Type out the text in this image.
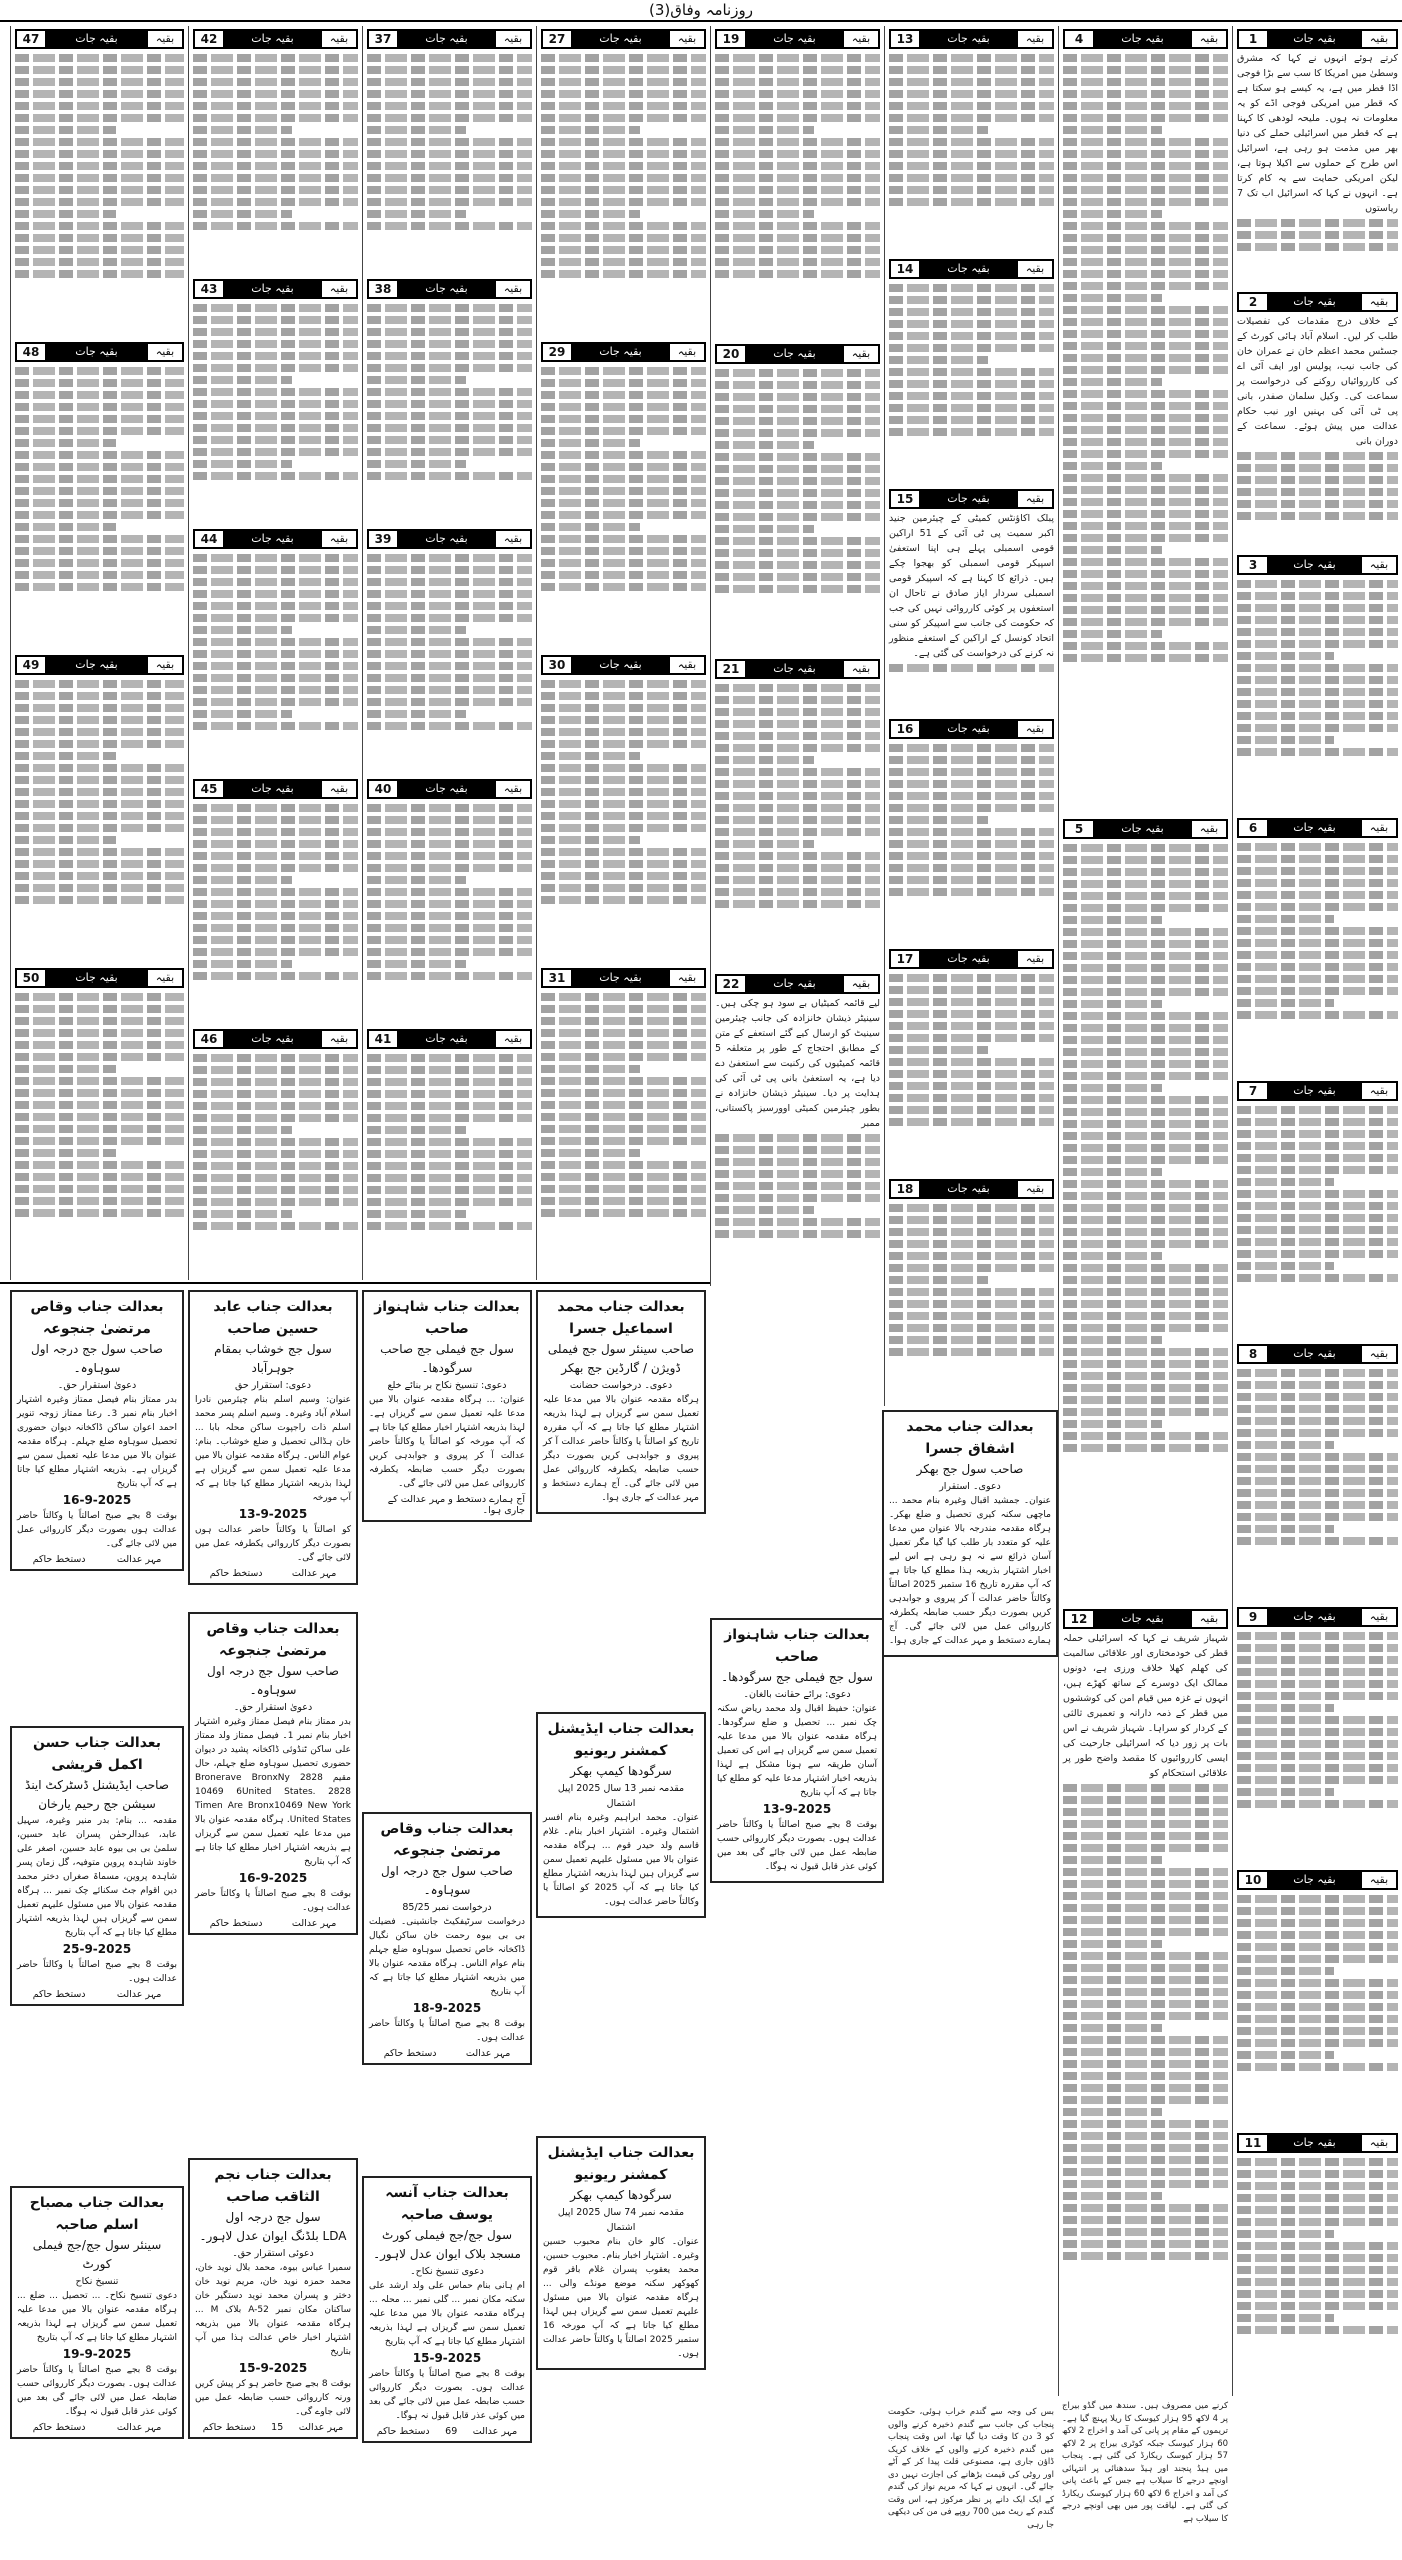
روزنامہ وفاق(3)
1	بقیہ جات	بقیہ
کرتے ہوئے انہوں نے کہا کہ مشرق وسطیٰ میں امریکا کا سب سے بڑا فوجی اڈا قطر میں ہے، یہ کیسے ہو سکتا ہے کہ قطر میں امریکی فوجی اڈے کو یہ معلومات نہ ہوں۔ ملیحہ لودھی کا کہنا ہے کہ قطر میں اسرائیلی حملے کی دنیا بھر میں مذمت ہو رہی ہے، اسرائیل اس طرح کے حملوں سے اکیلا ہوتا ہے، لیکن امریکی حمایت سے یہ کام کرتا ہے۔ انہوں نے کہا کہ اسرائیل اب تک 7 ریاستوں
2	بقیہ جات	بقیہ
کے خلاف درج مقدمات کی تفصیلات طلب کر لیں۔ اسلام آباد ہائی کورٹ کے جسٹس محمد اعظم خان نے عمران خان کی جانب نیب، پولیس اور ایف آئی اے کی کارروائیاں روکنے کی درخواست پر سماعت کی۔ وکیل سلمان صفدر، بانی پی ٹی آئی کی بہنیں اور نیب حکام عدالت میں پیش ہوئے۔ سماعت کے دوران بانی
3	بقیہ جات	بقیہ
6	بقیہ جات	بقیہ
7	بقیہ جات	بقیہ
8	بقیہ جات	بقیہ
9	بقیہ جات	بقیہ
10	بقیہ جات	بقیہ
11	بقیہ جات	بقیہ
4	بقیہ جات	بقیہ
5	بقیہ جات	بقیہ
12	بقیہ جات	بقیہ
شہباز شریف نے کہا کہ اسرائیلی حملہ قطر کی خودمختاری اور علاقائی سالمیت کی کھلم کھلا خلاف ورزی ہے، دونوں ممالک ایک دوسرے کے ساتھ کھڑے ہیں، انہوں نے غزہ میں قیام امن کی کوششوں میں قطر کے ذمہ دارانہ و تعمیری ثالثی کے کردار کو سراہا۔ شہباز شریف نے اس بات پر زور دیا کہ اسرائیلی جارحیت کی ایسی کارروائیوں کا مقصد واضح طور پر علاقائی استحکام کو
13	بقیہ جات	بقیہ
14	بقیہ جات	بقیہ
15	بقیہ جات	بقیہ
پبلک اکاؤنٹس کمیٹی کے چیئرمین جنید اکبر سمیت پی ٹی آئی کے 51 اراکین قومی اسمبلی پہلے ہی اپنا استعفیٰ اسپیکر قومی اسمبلی کو بھجوا چکے ہیں۔ ذرائع کا کہنا ہے کہ اسپیکر قومی اسمبلی سردار ایاز صادق نے تاحال ان استعفوں پر کوئی کارروائی نہیں کی جب کہ حکومت کی جانب سے اسپیکر کو سنی اتحاد کونسل کے اراکین کے استعفے منظور نہ کرنے کی درخواست کی گئی ہے۔
16	بقیہ جات	بقیہ
17	بقیہ جات	بقیہ
18	بقیہ جات	بقیہ
19	بقیہ جات	بقیہ
20	بقیہ جات	بقیہ
21	بقیہ جات	بقیہ
22	بقیہ جات	بقیہ
لیے قائمہ کمیٹیاں بے سود ہو چکی ہیں۔ سینیٹر ذیشان خانزادہ کی جانب چیئرمین سینیٹ کو ارسال کیے گئے استعفے کے متن کے مطابق احتجاج کے طور پر متعلقہ 5 قائمہ کمیٹیوں کی رکنیت سے استعفیٰ دے دیا ہے، یہ استعفیٰ بانی پی ٹی آئی کی ہدایت پر دیا۔ سینیٹر ذیشان خانزادہ نے بطور چیئرمین کمیٹی اوورسیز پاکستانی، ممبر
27	بقیہ جات	بقیہ
29	بقیہ جات	بقیہ
30	بقیہ جات	بقیہ
31	بقیہ جات	بقیہ
37	بقیہ جات	بقیہ
38	بقیہ جات	بقیہ
39	بقیہ جات	بقیہ
40	بقیہ جات	بقیہ
41	بقیہ جات	بقیہ
42	بقیہ جات	بقیہ
43	بقیہ جات	بقیہ
44	بقیہ جات	بقیہ
45	بقیہ جات	بقیہ
46	بقیہ جات	بقیہ
47	بقیہ جات	بقیہ
48	بقیہ جات	بقیہ
49	بقیہ جات	بقیہ
50	بقیہ جات	بقیہ
بس کی وجہ سے گندم خراب ہوئی، حکومت پنجاب کی جانب سے گندم ذخیرہ کرنے والوں کو 3 دن کا وقت دیا گیا تھا، اس وقت پنجاب میں گندم ذخیرہ کرنے والوں کے خلاف کریک ڈاؤن جاری ہے، مصنوعی قلت پیدا کر کے آٹے اور روٹی کی قیمت بڑھانے کی اجازت نہیں دی جائے گی۔ انہوں نے کہا کہ مریم نواز کی گندم کے ایک ایک دانے پر نظر مرکوز ہے، اس وقت گندم کے ریٹ میں 700 روپے فی من کی دیکھی جا رہی
کرنے میں مصروف ہیں۔ سندھ میں گڈو بیراج پر 4 لاکھ 95 ہزار کیوسک کا ریلا پہنچ گیا ہے۔ تریموں کے مقام پر پانی کی آمد و اخراج 2 لاکھ 60 ہزار کیوسک جبکہ کوٹری بیراج پر 2 لاکھ 57 ہزار کیوسک ریکارڈ کی گئی ہے۔ پنجاب میں ہیڈ پنجند اور ہیڈ سدھنائی پر انتہائی اونچے درجے کا سیلاب ہے جس کے باعث پانی کی آمد و اخراج 6 لاکھ 60 ہزار کیوسک ریکارڈ کی گئی ہے۔ لیاقت پور میں بھی اونچے درجے کا سیلاب ہے
بعدالت جناب محمد اشفاق جسرا
صاحب سول جج بھکر
دعوی۔ استقرار

عنوان۔ جمشید اقبال وغیرہ بنام محمد ... ماچھی سکنہ کیری تحصیل و ضلع بھکر۔ ہرگاہ مقدمہ مندرجہ بالا عنوان میں مدعا علیہ کو متعدد بار طلب کیا گیا مگر تعمیل آسان ذرائع سے نہ ہو رہی ہے اس لیے اخبار اشتہار بذریعہ ہذا مطلع کیا جاتا ہے کہ آپ مقررہ تاریخ 16 ستمبر 2025 اصالتاً وکالتاً حاضر عدالت آ کر پیروی و جوابدہی کریں بصورت دیگر حسب ضابطہ یکطرفہ کارروائی عمل میں لائی جائے گی۔ آج ہمارے دستخط و مہر عدالت کے جاری ہوا۔

بعدالت جناب محمد اسماعیل جسرا
صاحب سینئر سول جج فیملی ڈویژن / گارڈین جج بھکر
دعوی۔ درخواست حضانت

ہرگاہ مقدمہ عنوان بالا میں مدعا علیہ تعمیل سمن سے گریزاں ہے لہذا بذریعہ اشتہار مطلع کیا جاتا ہے کہ آپ مقررہ تاریخ کو اصالتاً یا وکالتاً حاضر عدالت آ کر پیروی و جوابدہی کریں بصورت دیگر حسب ضابطہ یکطرفہ کارروائی عمل میں لائی جائے گی۔ آج ہمارے دستخط و مہر عدالت کے جاری ہوا۔

بعدالت جناب شاہنواز صاحب
سول جج فیملی جج سرگودھا۔
دعوی: برائے حقانت بالغان۔

عنوان: حفیظ اقبال ولد محمد ریاض سکنہ چک نمبر ... تحصیل و ضلع سرگودھا۔ ہرگاہ مقدمہ عنوان بالا میں مدعا علیہ تعمیل سمن سے گریزاں ہے اس کی تعمیل آسان طریقہ سے ہونا مشکل ہے لہذا بذریعہ اخبار اشتہار مدعا علیہ کو مطلع کیا جاتا ہے کہ آپ بتاریخ

13-9-2025

بوقت 8 بجے صبح اصالتاً یا وکالتاً حاضر عدالت ہوں۔ بصورت دیگر کارروائی حسب ضابطہ عمل میں لائی جائے گی بعد میں کوئی عذر قابل قبول نہ ہوگا۔

بعدالت جناب شاہنواز صاحب
سول جج فیملی جج صاحب سرگودھا۔
دعوی: تنسیخ نکاح بر بنائے خلع

عنوان: ... ہرگاہ مقدمہ عنوان بالا میں مدعا علیہ تعمیل سمن سے گریزاں ہے۔ لہذا بذریعہ اشتہار اخبار مطلع کیا جاتا ہے کہ آپ مورخہ کو اصالتاً یا وکالتاً حاضر عدالت آ کر پیروی و جوابدہی کریں بصورت دیگر حسب ضابطہ یکطرفہ کارروائی عمل میں لائی جائے گی۔

آج ہمارے دستخط و مہر عدالت کے جاری ہوا۔
بعدالت جناب ایڈیشنل کمشنر ریونیو
سرگودھا کیمپ بھکر
مقدمہ نمبر 13 سال 2025 اپیل اشتمال

عنوان۔ محمد ابراہیم وغیرہ بنام افسر اشتمال وغیرہ۔ اشتہار اخبار بنام۔ غلام قاسم ولد حیدر قوم ... ہرگاہ مقدمہ عنوان بالا میں مسئول علیہم تعمیل سمن سے گریزاں ہیں لہذا بذریعہ اشتہار مطلع کیا جاتا ہے کہ آپ 2025 کو اصالتاً یا وکالتاً حاضر عدالت ہوں۔

بعدالت جناب ایڈیشنل کمشنر ریونیو
سرگودھا کیمپ بھکر
مقدمہ نمبر 74 سال 2025 اپیل اشتمال

عنوان۔ کالو خان بنام محبوب حسین وغیرہ۔ اشتہار اخبار بنام۔ محبوب حسین، محمد یعقوب پسران غلام باقر قوم کھوکھر سکنہ موضع مونڈے والی ... ہرگاہ مقدمہ عنوان بالا میں مسئول علیہم تعمیل سمن سے گریزاں ہیں لہذا مطلع کیا جاتا ہے کہ آپ مورخہ 16 ستمبر 2025 اصالتاً یا وکالتاً حاضر عدالت ہوں۔

بعدالت جناب عابد حسین صاحب
سول جج خوشاب بمقام جوہرآباد
دعوی: استقرار حق

عنوان: وسیم اسلم بنام چیئرمین نادرا اسلام آباد وغیرہ۔ وسیم اسلم پسر محمد اسلم ذات راجپوت ساکن محلہ بابا ... خان ہڈالی تحصیل و ضلع خوشاب۔ بنام: عوام الناس۔ ہرگاہ مقدمہ عنوان بالا میں مدعا علیہ تعمیل سمن سے گریزاں ہے لہذا بذریعہ اشتہار مطلع کیا جاتا ہے کہ آپ مورخہ

13-9-2025

کو اصالتاً یا وکالتاً حاضر عدالت ہوں بصورت دیگر کارروائی یکطرفہ عمل میں لائی جائے گی۔

مہر عدالت
دستخط حاکم
بعدالت جناب وقاص مرتضیٰ جنجوعہ
صاحب سول جج درجہ اول سوہاوہ۔
درخواست نمبر 85/25

درخواست سرٹیفکیٹ جانشینی۔ فضیلت بی بی بیوہ رحمت خان ساکن نگیال ڈاکخانہ خاص تحصیل سوہاوہ ضلع جہلم بنام عوام الناس۔ ہرگاہ مقدمہ عنوان بالا میں بذریعہ اشتہار مطلع کیا جاتا ہے کہ آپ بتاریخ

18-9-2025

بوقت 8 بجے صبح اصالتاً یا وکالتاً حاضر عدالت ہوں۔

مہر عدالت
دستخط حاکم
بعدالت جناب وقاص مرتضیٰ جنجوعہ
صاحب سول جج درجہ اول سوہاوہ۔
دعویٰ استقرار حق۔

بدر ممتاز بنام فیصل ممتاز وغیرہ اشتہار اخبار بنام نمبر 1۔ فیصل ممتاز ولد ممتاز علی ساکن ٹنڈوئی ڈاکخانہ پشید در دیوان حضوری تحصیل سوہاوہ ضلع جہلم، حال مقیم 2828 Bronerave BronxNy 10469 6United States. 2828 Timen Are Bronx10469 New York United States. ہرگاہ مقدمہ عنوان بالا میں مدعا علیہ تعمیل سمن سے گریزاں ہے بذریعہ اشتہار اخبار مطلع کیا جاتا ہے کہ آپ بتاریخ

16-9-2025

بوقت 8 بجے صبح اصالتاً یا وکالتاً حاضر عدالت ہوں۔

مہر عدالت
دستخط حاکم
بعدالت جناب وقاص مرتضیٰ جنجوعہ
صاحب سول جج درجہ اول سوہاوہ۔
دعویٰ استقرار حق۔

بدر ممتاز بنام فیصل ممتاز وغیرہ اشتہار اخبار بنام نمبر 3۔ رعنا ممتاز زوجہ تنویر احمد اعوان ساکن ڈاکخانہ دیوان حضوری تحصیل سوہاوہ ضلع جہلم۔ ہرگاہ مقدمہ عنوان بالا میں مدعا علیہ تعمیل سمن سے گریزاں ہے۔ بذریعہ اشتہار مطلع کیا جاتا ہے کہ آپ بتاریخ

16-9-2025

بوقت 8 بجے صبح اصالتاً یا وکالتاً حاضر عدالت ہوں بصورت دیگر کارروائی عمل میں لائی جائے گی۔

مہر عدالت
دستخط حاکم
بعدالت جناب حسن اکمل قریشی
صاحب ایڈیشنل ڈسٹرکٹ اینڈ سیشن جج رحیم یارخان

مقدمہ ... بنام: بدر منیر وغیرہ، سہیل عابد، عبدالرحمٰن پسران عابد حسین، سلمیٰ بی بی بیوہ عابد حسین، اصغر علی خاوند شاہدہ پروین متوفیہ، گل زمان پسر شاہدہ پروین، مسماۃ صغراں دختر محمد دین اقوام جٹ سکنائے چک نمبر ... ہرگاہ مقدمہ عنوان بالا میں مسئول علیہم تعمیل سمن سے گریزاں ہیں لہذا بذریعہ اشتہار مطلع کیا جاتا ہے کہ آپ بتاریخ

25-9-2025

بوقت 8 بجے صبح اصالتاً یا وکالتاً حاضر عدالت ہوں۔

مہر عدالت
دستخط حاکم
بعدالت جناب مصباح اسلم صاحبہ
سینئر سول جج/جج فیملی کورٹ
تنسیخ نکاح

دعوی تنسیخ نکاح۔ ... تحصیل ... ضلع ... ہرگاہ مقدمہ عنوان بالا میں مدعا علیہ تعمیل سمن سے گریزاں ہے لہذا بذریعہ اشتہار مطلع کیا جاتا ہے کہ آپ بتاریخ

19-9-2025

بوقت 8 بجے صبح اصالتاً یا وکالتاً حاضر عدالت ہوں۔ بصورت دیگر کارروائی حسب ضابطہ عمل میں لائی جائے گی بعد میں کوئی عذر قابل قبول نہ ہوگا۔

مہر عدالت
دستخط حاکم
بعدالت جناب نجم الثاقب صاحب
سول جج درجہ اول
LDA بلڈنگ ایوان عدل لاہور۔
دعوئی استقرار حق۔

سمیرا عباس بیوہ، محمد بلال نوید خان، محمد حمزہ نوید خان، مریم نوید خان دختر و پسران محمد نوید دستگیر خان ساکنان مکان نمبر A-52 بلاک M ... ہرگاہ مقدمہ عنوان بالا میں بذریعہ اشتہار اخبار خاص عدالت ہذا میں آپ بتاریخ

15-9-2025

بوقت 8 بجے صبح حاضر ہو کر پیش کریں ورنہ کارروائی حسب ضابطہ عمل میں لائی جاوے گی۔

مہر عدالت
15
دستخط حاکم
بعدالت جناب آنسہ یوسف صاحبہ
سول جج/جج فیملی کورٹ
مسجد بلاک ایوان عدل لاہور۔
دعوی تنسیخ نکاح۔

ام ہانی بنام حماس علی ولد ارشد علی سکنہ مکان نمبر ... گلی نمبر ... محلہ ... ہرگاہ مقدمہ عنوان بالا میں مدعا علیہ تعمیل سمن سے گریزاں ہے لہذا بذریعہ اشتہار مطلع کیا جاتا ہے کہ آپ بتاریخ

15-9-2025

بوقت 8 بجے صبح اصالتاً یا وکالتاً حاضر عدالت ہوں۔ بصورت دیگر کارروائی حسب ضابطہ عمل میں لائی جائے گی بعد میں کوئی عذر قابل قبول نہ ہوگا۔

مہر عدالت
69
دستخط حاکم
